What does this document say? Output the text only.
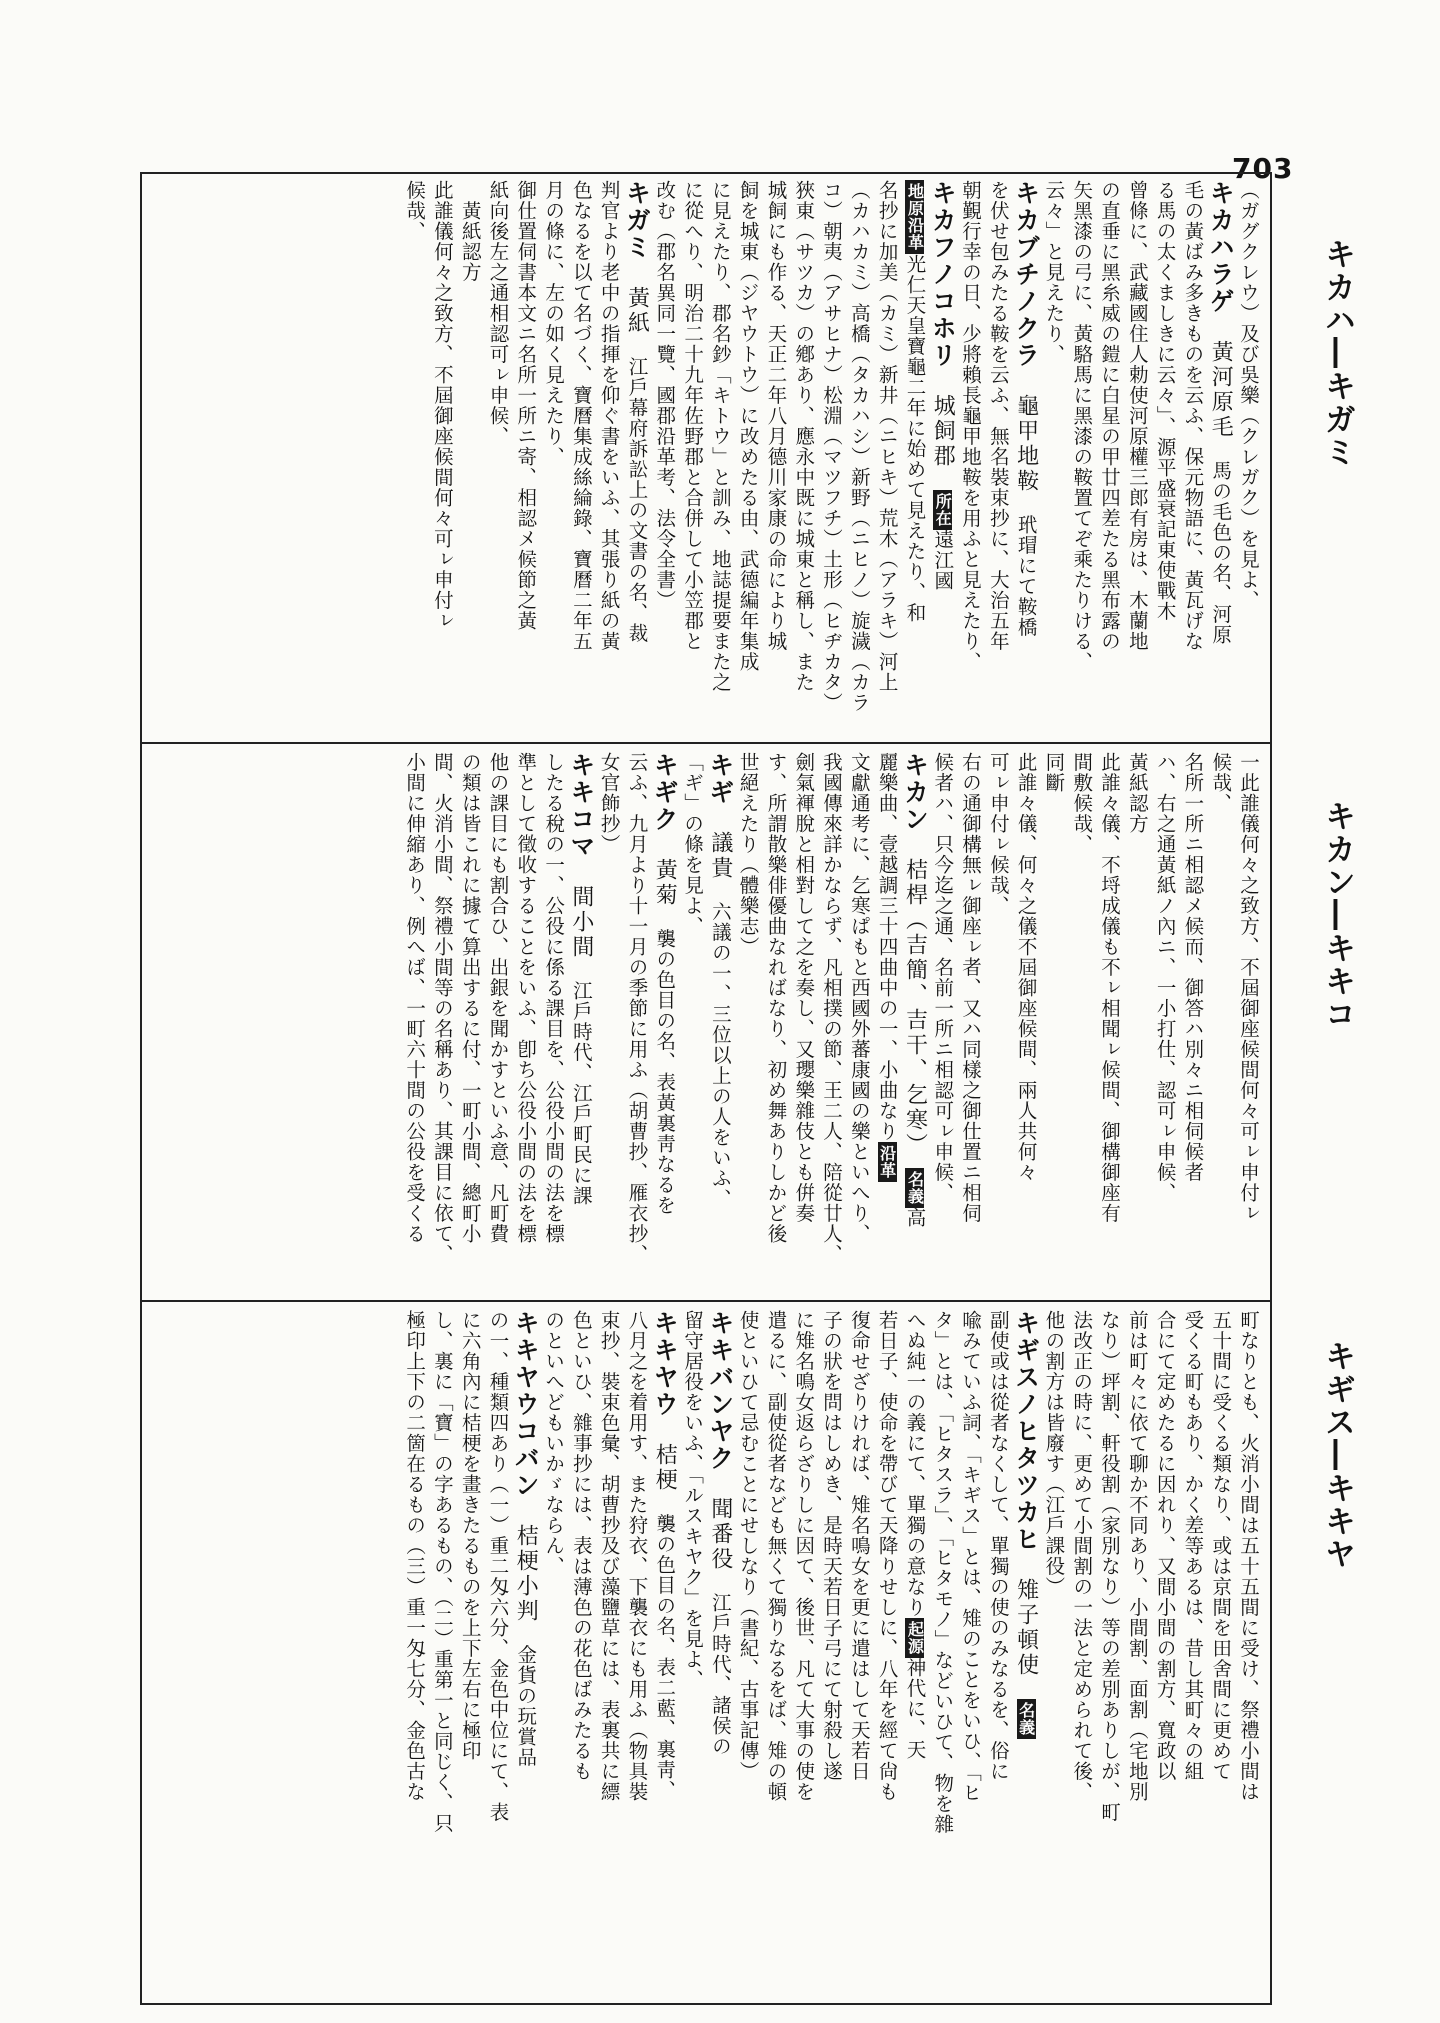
703
キカハ―キガミ
キカン―キキコ
キギス―キキヤ

（ガグクレウ）及び吳樂（クレガク）を見よ、

キカハラゲ　黃河原毛　馬の毛色の名、河原

毛の黃ばみ多きものを云ふ、保元物語に、黃瓦げな

る馬の太くましきに云々」、源平盛衰記東使戰木

曾條に、武藏國住人勅使河原權三郎有房は、木蘭地

の直垂に黑糸威の鎧に白星の甲廿四差たる黑布露の

矢黑漆の弓に、黃駱馬に黑漆の鞍置てぞ乘たりける、

云々」と見えたり、

キカブチノクラ　龜甲地鞍　玳瑁にて鞍橋

を伏せ包みたる鞍を云ふ、無名裝束抄に、大治五年

朝覲行幸の日、少將賴長龜甲地鞍を用ふと見えたり、

キカフノコホリ　城飼郡　所在遠江國

地原沿革光仁天皇寶龜二年に始めて見えたり、和

名抄に加美（カミ）新井（ニヒキ）荒木（アラキ）河上

（カハカミ）高橋（タカハシ）新野（ニヒノ）旋濊（カラ

コ）朝夷（アサヒナ）松淵（マツフチ）土形（ヒヂカタ）

狹東（サツカ）の鄕あり、應永中既に城東と稱し、また

城飼にも作る、天正二年八月德川家康の命により城

飼を城東（ジヤウトウ）に改めたる由、武德編年集成

に見えたり、郡名鈔「キトウ」と訓み、地誌提要また之

に從へり、明治二十九年佐野郡と合併して小笠郡と

改む（郡名異同一覽、國郡沿革考、法令全書）

キガミ　黃紙　江戶幕府訴訟上の文書の名、裁

判官より老中の指揮を仰ぐ書をいふ、其張り紙の黃

色なるを以て名づく、寶曆集成絲綸錄、寶曆二年五

月の條に、左の如く見えたり、

御仕置伺書本文ニ名所一所ニ寄、相認メ候節之黃

紙向後左之通相認可ㇾ申候、

　黃紙認方

此誰儀何々之致方、不屆御座候間何々可ㇾ申付ㇾ

候哉、

一此誰儀何々之致方、不屆御座候間何々可ㇾ申付ㇾ

候哉、

名所一所ニ相認メ候而、御答ハ別々ニ相伺候者

ハ、右之通黃紙ノ內ニ、一小打仕、認可ㇾ申候、

黃紙認方

此誰々儀、不埒成儀も不ㇾ相聞ㇾ候間、御構御座有

間敷候哉、

同斷

此誰々儀、何々之儀不屆御座候間、兩人共何々

可ㇾ申付ㇾ候哉、

右の通御構無ㇾ御座ㇾ者、又ハ同樣之御仕置ニ相伺

候者ハ、只今迄之通、名前一所ニ相認可ㇾ申候、

キカン　桔桿（吉簡、吉干、乞寒）　名義高

麗樂曲、壹越調三十四曲中の一、小曲なり沿革

文獻通考に、乞寒ぱもと西國外蕃康國の樂といへり、

我國傳來詳かならず、凡相撲の節、王二人、陪從廿人、

劍氣褌脫と相對して之を奏し、又瓔樂雜伎とも倂奏

す、所謂散樂俳優曲なればなり、初め舞ありしかど後

世絕えたり（體樂志）

キギ　議貴　六議の一、三位以上の人をいふ、

「ギ」の條を見よ、

キギク　黃菊　襲の色目の名、表黃裏靑なるを

云ふ、九月より十一月の季節に用ふ（胡曹抄、雁衣抄、

女官飾抄）

キキコマ　間小間　江戶時代、江戶町民に課

したる稅の一、公役に係る課目を、公役小間の法を標

準として徵收することをいふ、卽ち公役小間の法を標

他の課目にも割合ひ、出銀を聞かすといふ意、凡町費

の類は皆これに據て算出するに付、一町小間、總町小

間、火消小間、祭禮小間等の名稱あり、其課目に依て、

小間に伸縮あり、例へば、一町六十間の公役を受くる

町なりとも、火消小間は五十五間に受け、祭禮小間は

五十間に受くる類なり、或は京間を田舍間に更めて

受くる町もあり、かく差等あるは、昔し其町々の組

合にて定めたるに因れり、又間小間の割方、寬政以

前は町々に依て聊か不同あり、小間割、面割（宅地別

なり）坪割、軒役割（家別なり）等の差別ありしが、町

法改正の時に、更めて小間割の一法と定められて後、

他の割方は皆廢す（江戶課役）

キギスノヒタツカヒ　雉子頓使　名義

副使或は從者なくして、單獨の使のみなるを、俗に

喩みていふ詞、「キギス」とは、雉のことをいひ、「ヒ

タ」とは、「ヒタスラ」、「ヒタモノ」などいひて、物を雜

へぬ純一の義にて、單獨の意なり起源神代に、天

若日子、使命を帶びて天降りせしに、八年を經て尙も

復命せざりければ、雉名鳴女を更に遣はして天若日

子の狀を問はしめき、是時天若日子弓にて射殺し遂

に雉名鳴女返らざりしに因て、後世、凡て大事の使を

遣るに、副使從者なども無くて獨りなるをば、雉の頓

使といひて忌むことにせしなり（書紀、古事記傳）

キキバンヤク　聞番役　江戶時代、諸侯の

留守居役をいふ、「ルスキヤク」を見よ、

キキヤウ　桔梗　襲の色目の名、表二藍、裏靑、

八月之を着用す、また狩衣、下襲衣にも用ふ（物具裝

束抄、裝束色彙、胡曹抄及び藻鹽草には、表裏共に縹

色といひ、雜事抄には、表は薄色の花色ばみたるも

のといへどもいかゞならん、

キキヤウコバン　桔梗小判　金貨の玩賞品

の一、種類四あり（一）重二匁六分、金色中位にて、表

に六角內に桔梗を畫きたるものを上下左右に極印

し、裏に「寶」の字あるもの、（二）重第一と同じく、只

極印上下の二箇在るもの（三）重一匁七分、金色古な
